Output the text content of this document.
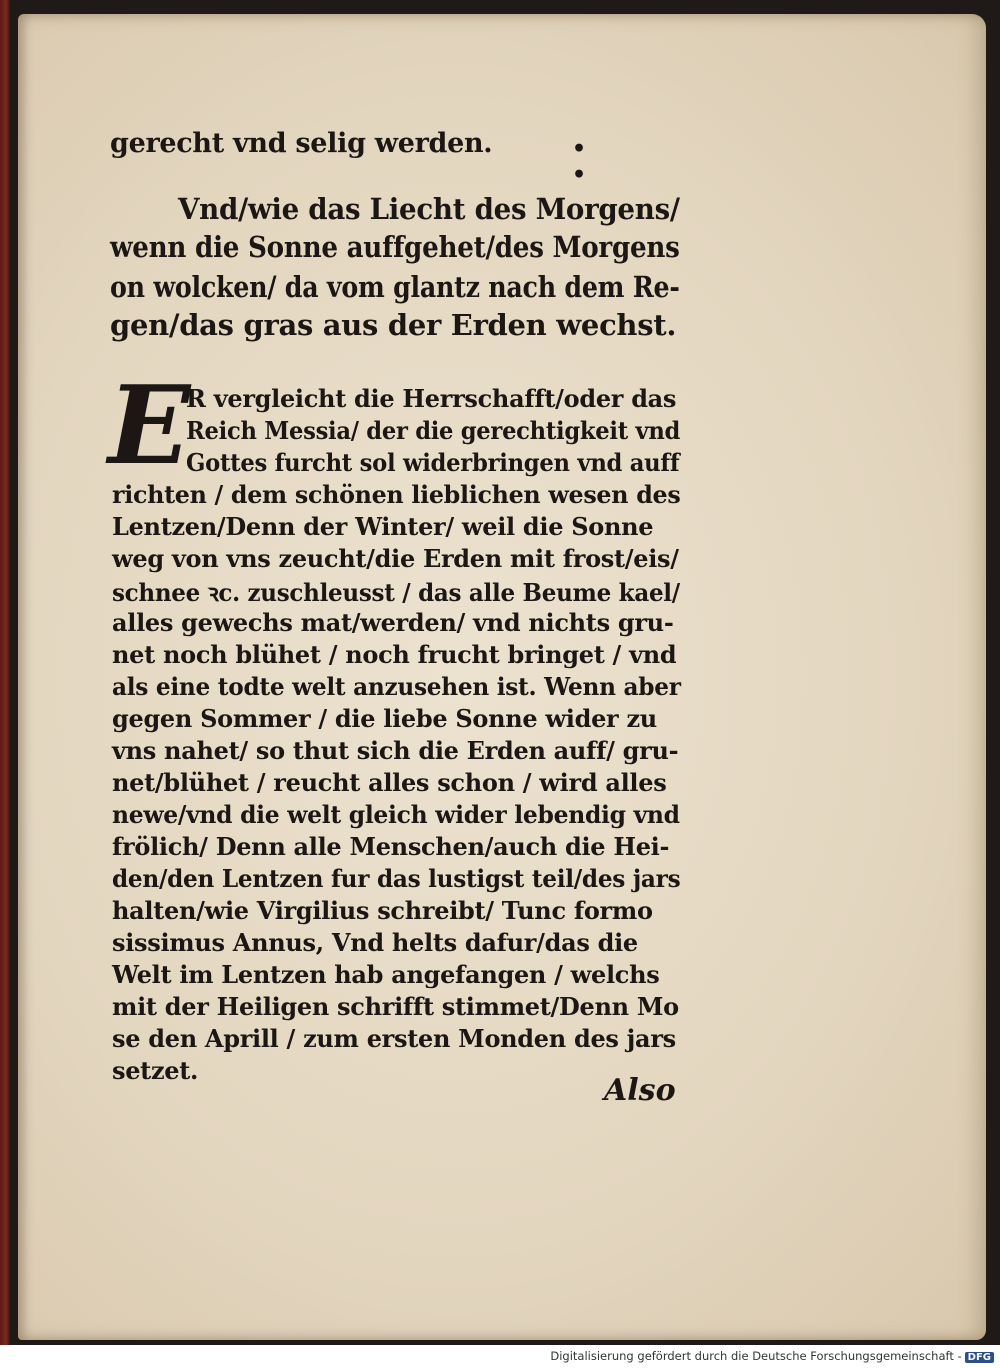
•
•
gerecht vnd selig werden.
Vnd/wie das Liecht des Morgens/
wenn die Sonne auffgehet/des Morgens
on wolcken/ da vom glantz nach dem Re-
gen/das gras aus der Erden wechst.
E
R vergleicht die Herrschafft/oder das
Reich Messia/ der die gerechtigkeit vnd
Gottes furcht sol widerbringen vnd auff
richten / dem schönen lieblichen wesen des
Lentzen/Denn der Winter/ weil die Sonne
weg von vns zeucht/die Erden mit frost/eis/
schnee ꝛc. zuschleusst / das alle Beume kael/
alles gewechs mat/werden/ vnd nichts gru-
net noch blühet / noch frucht bringet / vnd
als eine todte welt anzusehen ist. Wenn aber
gegen Sommer / die liebe Sonne wider zu
vns nahet/ so thut sich die Erden auff/ gru-
net/blühet / reucht alles schon / wird alles
newe/vnd die welt gleich wider lebendig vnd
frölich/ Denn alle Menschen/auch die Hei-
den/den Lentzen fur das lustigst teil/des jars
halten/wie Virgilius schreibt/ Tunc formo
sissimus Annus, Vnd helts dafur/das die
Welt im Lentzen hab angefangen / welchs
mit der Heiligen schrifft stimmet/Denn Mo
se den Aprill / zum ersten Monden des jars
setzet.
Also
Digitalisierung gefördert durch die Deutsche Forschungsgemeinschaft - DFG
